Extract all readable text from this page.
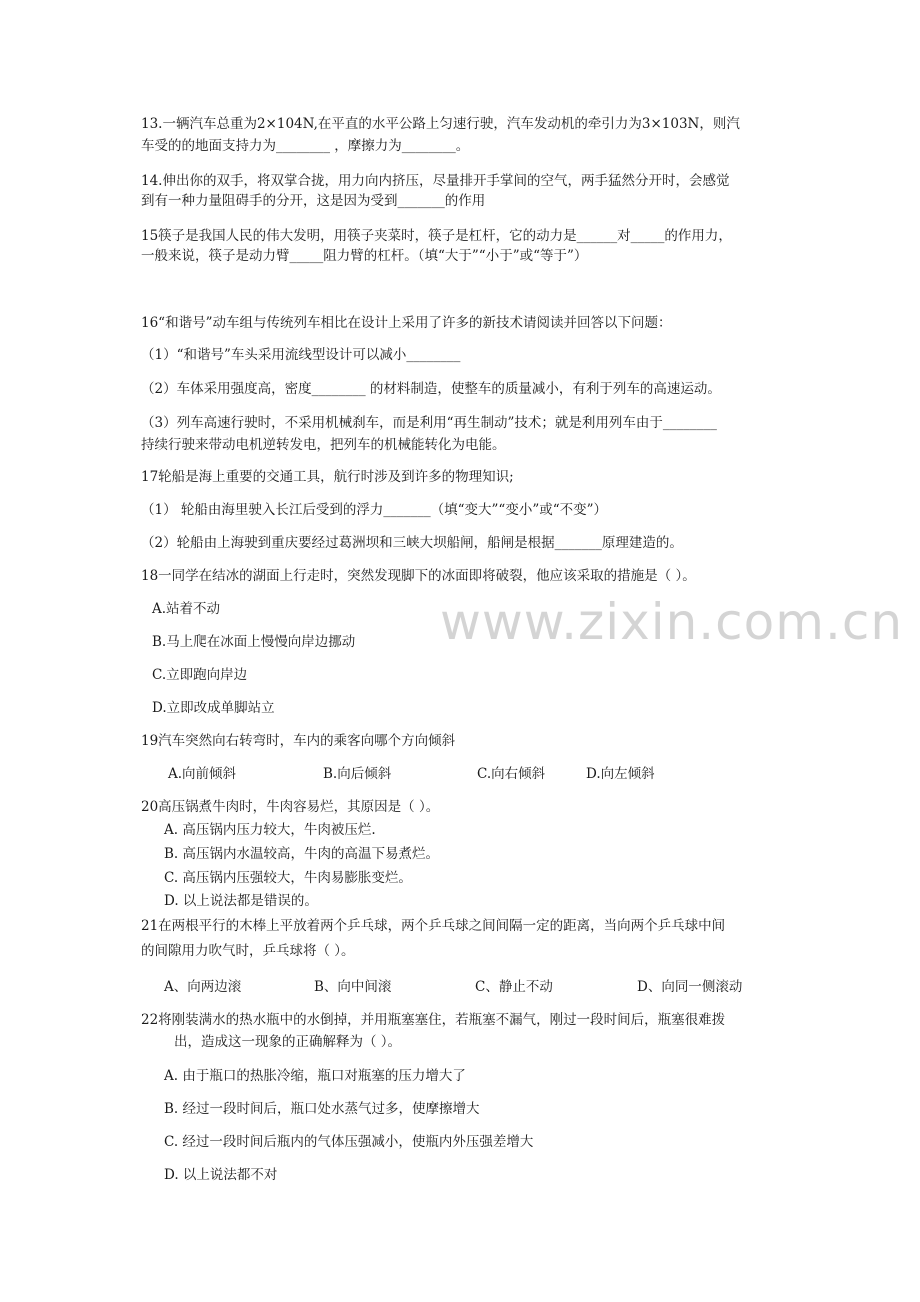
www.zixin.com.cn
13.一辆汽车总重为2×104N,在平直的水平公路上匀速行驶，汽车发动机的牵引力为3×103N，则汽
车受的的地面支持力为________ ，摩擦力为________。
14.伸出你的双手，将双掌合拢，用力向内挤压，尽量排开手掌间的空气，两手猛然分开时，会感觉
到有一种力量阻碍手的分开，这是因为受到_______的作用
15筷子是我国人民的伟大发明，用筷子夹菜时，筷子是杠杆，它的动力是______对_____的作用力，
一般来说，筷子是动力臂_____阻力臂的杠杆。（填“大于”“小于”或“等于”）
16“和谐号”动车组与传统列车相比在设计上采用了许多的新技术请阅读并回答以下问题：
（1）“和谐号”车头采用流线型设计可以减小________
（2）车体采用强度高，密度________ 的材料制造，使整车的质量减小，有利于列车的高速运动。
（3）列车高速行驶时，不采用机械刹车，而是利用“再生制动”技术；就是利用列车由于________
持续行驶来带动电机逆转发电，把列车的机械能转化为电能。
17轮船是海上重要的交通工具，航行时涉及到许多的物理知识;
（1） 轮船由海里驶入长江后受到的浮力_______（填“变大”“变小”或“不变”）
（2）轮船由上海驶到重庆要经过葛洲坝和三峡大坝船闸，船闸是根据_______原理建造的。
18一同学在结冰的湖面上行走时，突然发现脚下的冰面即将破裂，他应该采取的措施是（ ）。
A.站着不动
B.马上爬在冰面上慢慢向岸边挪动
C.立即跑向岸边
D.立即改成单脚站立
19汽车突然向右转弯时，车内的乘客向哪个方向倾斜
A.向前倾斜	B.向后倾斜	C.向右倾斜	D.向左倾斜
20高压锅煮牛肉时，牛肉容易烂，其原因是（ ）。
A. 高压锅内压力较大，牛肉被压烂.
B. 高压锅内水温较高，牛肉的高温下易煮烂。
C. 高压锅内压强较大，牛肉易膨胀变烂。
D. 以上说法都是错误的。
21在两根平行的木棒上平放着两个乒乓球，两个乒乓球之间间隔一定的距离，当向两个乒乓球中间
的间隙用力吹气时，乒乓球将（ ）。
A、向两边滚	B、向中间滚	C、静止不动	D、向同一侧滚动
22将刚装满水的热水瓶中的水倒掉，并用瓶塞塞住，若瓶塞不漏气，刚过一段时间后，瓶塞很难拨
出，造成这一现象的正确解释为（ ）。
A. 由于瓶口的热胀冷缩，瓶口对瓶塞的压力增大了
B. 经过一段时间后，瓶口处水蒸气过多，使摩擦增大
C. 经过一段时间后瓶内的气体压强减小，使瓶内外压强差增大
D. 以上说法都不对
